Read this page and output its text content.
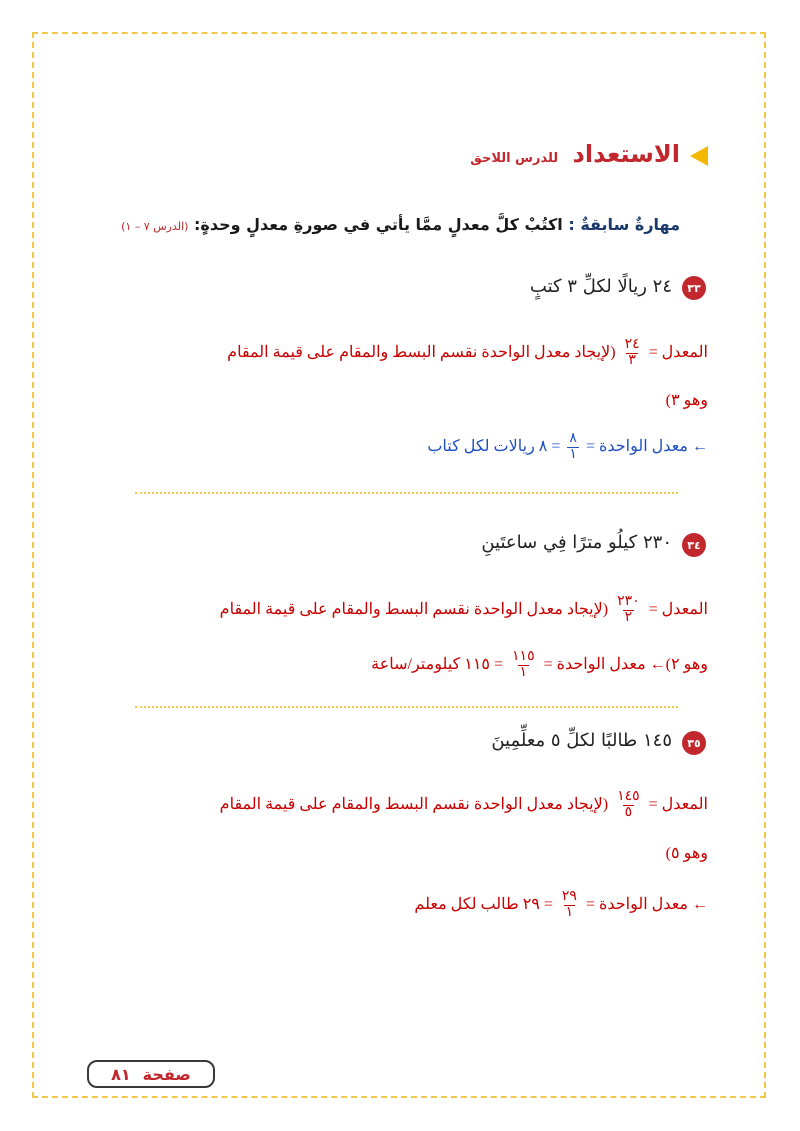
الاستعداد للدرس اللاحق
مهارةٌ سابقةٌ : اكتُبْ كلَّ معدلٍ ممَّا يأتي في صورةِ معدلٍ وحدةٍ: (الدرس ٧ – ١)
٣٣
٢٤ ريالًا لكلِّ ٣ كتبٍ
المعدل =
$\frac{٢٤}{٣}$
(لإيجاد معدل الواحدة نقسم البسط والمقام على قيمة المقام
وهو ٣)
← معدل الواحدة =
$\frac{٨}{١}$
= ٨ ريالات لكل كتاب
٣٤
٢٣٠ كيلُو مترًا فِي ساعتَينِ
المعدل =
$\frac{٢٣٠}{٢}$
(لإيجاد معدل الواحدة نقسم البسط والمقام على قيمة المقام
وهو ٢)← معدل الواحدة =
$\frac{١١٥}{١}$
= ١١٥ كيلومتر/ساعة
٣٥
١٤٥ طالبًا لكلِّ ٥ معلِّمِينَ
المعدل =
$\frac{١٤٥}{٥}$
(لإيجاد معدل الواحدة نقسم البسط والمقام على قيمة المقام
وهو ٥)
← معدل الواحدة =
$\frac{٢٩}{١}$
= ٢٩ طالب لكل معلم
صفحة
٨١
